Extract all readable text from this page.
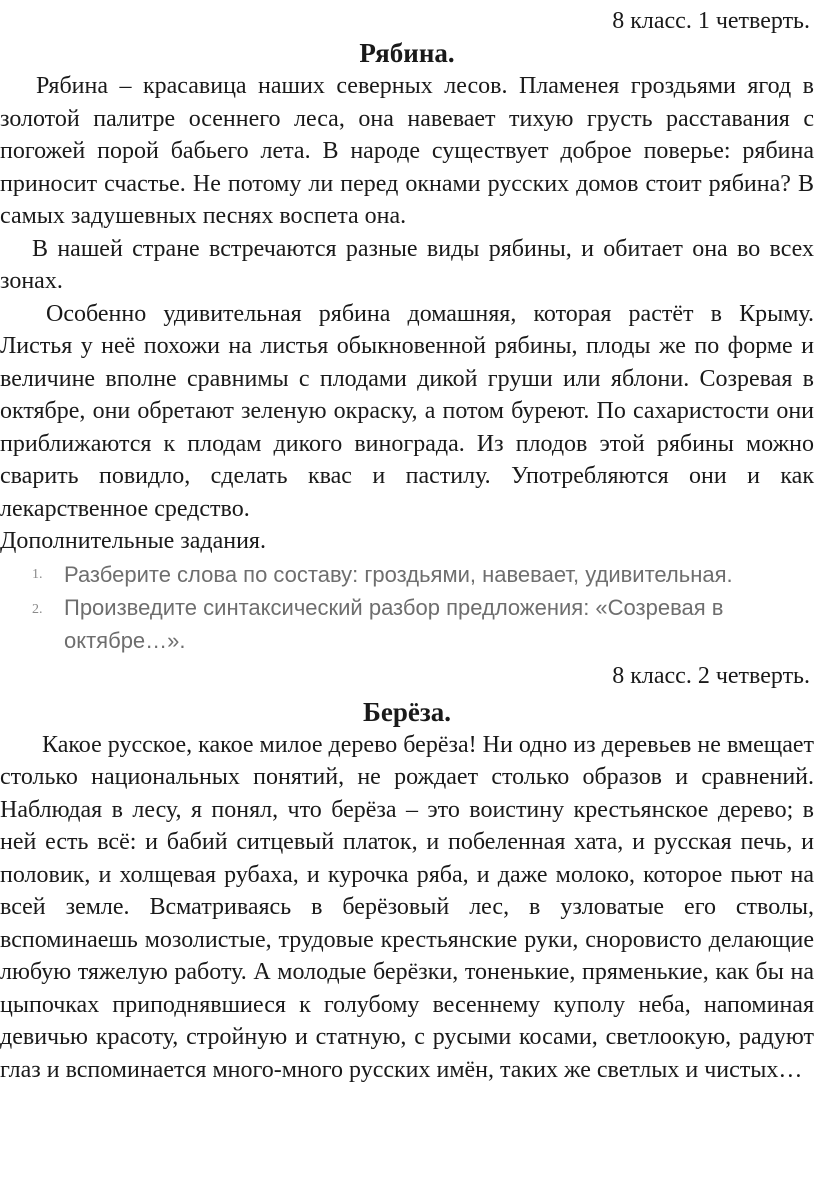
8 класс. 1 четверть.
Рябина.

Рябина – красавица наших северных лесов. Пламенея гроздьями ягод в золотой палитре осеннего леса, она навевает тихую грусть расставания с погожей порой бабьего лета. В народе существует доброе поверье: рябина приносит счастье. Не потому ли перед окнами русских домов стоит рябина? В самых задушевных песнях воспета она.

В нашей стране встречаются разные виды рябины, и обитает она во всех зонах.

Особенно удивительная рябина домашняя, которая растёт в Крыму. Листья у неё похожи на листья обыкновенной рябины, плоды же по форме и величине вполне сравнимы с плодами дикой груши или яблони. Созревая в октябре, они обретают зеленую окраску, а потом буреют. По сахаристости они приближаются к плодам дикого винограда. Из плодов этой рябины можно сварить повидло, сделать квас и пастилу. Употребляются они и как лекарственное средство.

Дополнительные задания.
1. Разберите слова по составу: гроздьями, навевает, удивительная.
2. Произведите синтаксический разбор предложения: «Созревая в октябре…».
8 класс. 2 четверть.
Берёза.

Какое русское, какое милое дерево берёза! Ни одно из деревьев не вмещает столько национальных понятий, не рождает столько образов и сравнений. Наблюдая в лесу, я понял, что берёза – это воистину крестьянское дерево; в ней есть всё: и бабий ситцевый платок, и побеленная хата, и русская печь, и половик, и холщевая рубаха, и курочка ряба, и даже молоко, которое пьют на всей земле. Всматриваясь в берёзовый лес, в узловатые его стволы, вспоминаешь мозолистые, трудовые крестьянские руки, сноровисто делающие любую тяжелую работу. А молодые берёзки, тоненькие, пряменькие, как бы на цыпочках приподнявшиеся к голубому весеннему куполу неба, напоминая девичью красоту, стройную и статную, с русыми косами, светлоокую, радуют глаз и вспоминается много-много русских имён, таких же светлых и чистых…
